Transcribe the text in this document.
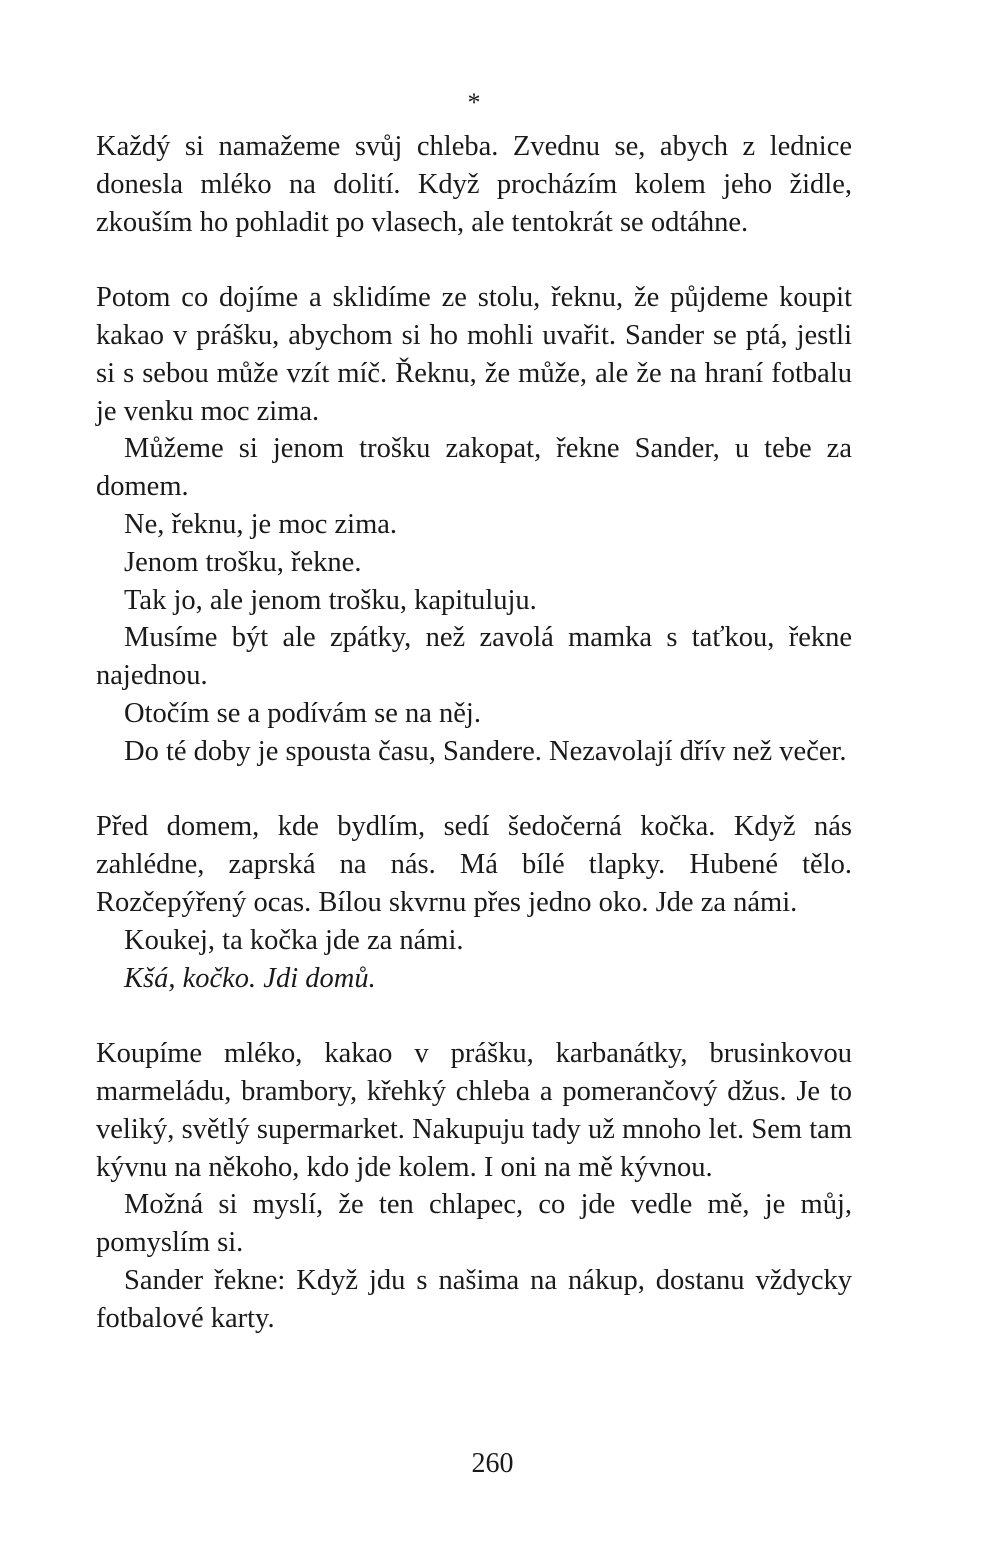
*

Každý si namažeme svůj chleba. Zvednu se, abych z lednice donesla mléko na dolití. Když procházím kolem jeho židle, zkouším ho pohladit po vlasech, ale tentokrát se odtáhne.

Potom co dojíme a sklidíme ze stolu, řeknu, že půjdeme koupit kakao v prášku, abychom si ho mohli uvařit. Sander se ptá, jestli si s sebou může vzít míč. Řeknu, že může, ale že na hraní fotbalu je venku moc zima.

Můžeme si jenom trošku zakopat, řekne Sander, u tebe za domem.

Ne, řeknu, je moc zima.

Jenom trošku, řekne.

Tak jo, ale jenom trošku, kapituluju.

Musíme být ale zpátky, než zavolá mamka s taťkou, řekne najednou.

Otočím se a podívám se na něj.

Do té doby je spousta času, Sandere. Nezavolají dřív než večer.

Před domem, kde bydlím, sedí šedočerná kočka. Když nás zahlédne, zaprská na nás. Má bílé tlapky. Hubené tělo. Rozčepýřený ocas. Bílou skvrnu přes jedno oko. Jde za námi.

Koukej, ta kočka jde za námi.

Kšá, kočko. Jdi domů.

Koupíme mléko, kakao v prášku, karbanátky, brusinkovou marmeládu, brambory, křehký chleba a pomerančový džus. Je to veliký, světlý supermarket. Nakupuju tady už mnoho let. Sem tam kývnu na někoho, kdo jde kolem. I oni na mě kývnou.

Možná si myslí, že ten chlapec, co jde vedle mě, je můj, pomyslím si.

Sander řekne: Když jdu s našima na nákup, dostanu vždycky fotbalové karty.

260
